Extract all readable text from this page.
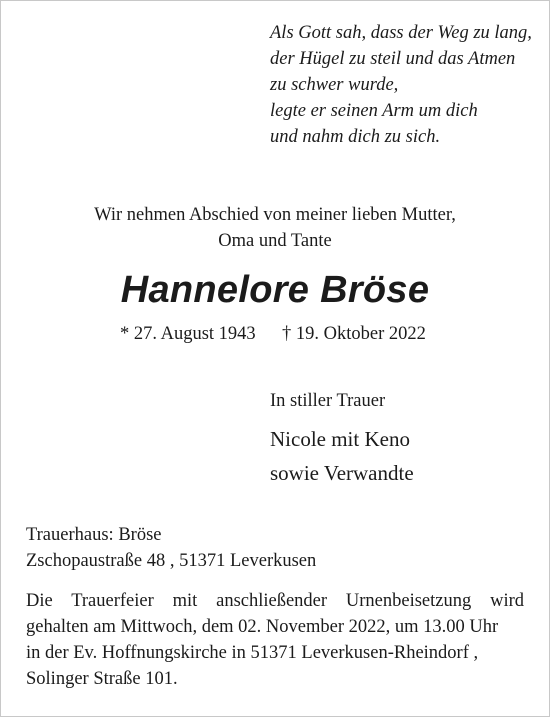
Als Gott sah, dass der Weg zu lang,
der Hügel zu steil und das Atmen
zu schwer wurde,
legte er seinen Arm um dich
und nahm dich zu sich.
Wir nehmen Abschied von meiner lieben Mutter,
Oma und Tante
Hannelore Bröse
* 27. August 1943 † 19. Oktober 2022
In stiller Trauer
Nicole mit Keno
sowie Verwandte
Trauerhaus: Bröse
Zschopaustraße 48 , 51371 Leverkusen
Die Trauerfeier mit anschließender Urnenbeisetzung wird
gehalten am Mittwoch, dem 02. November 2022, um 13.00 Uhr
in der Ev. Hoffnungskirche in 51371 Leverkusen-Rheindorf ,
Solinger Straße 101.
